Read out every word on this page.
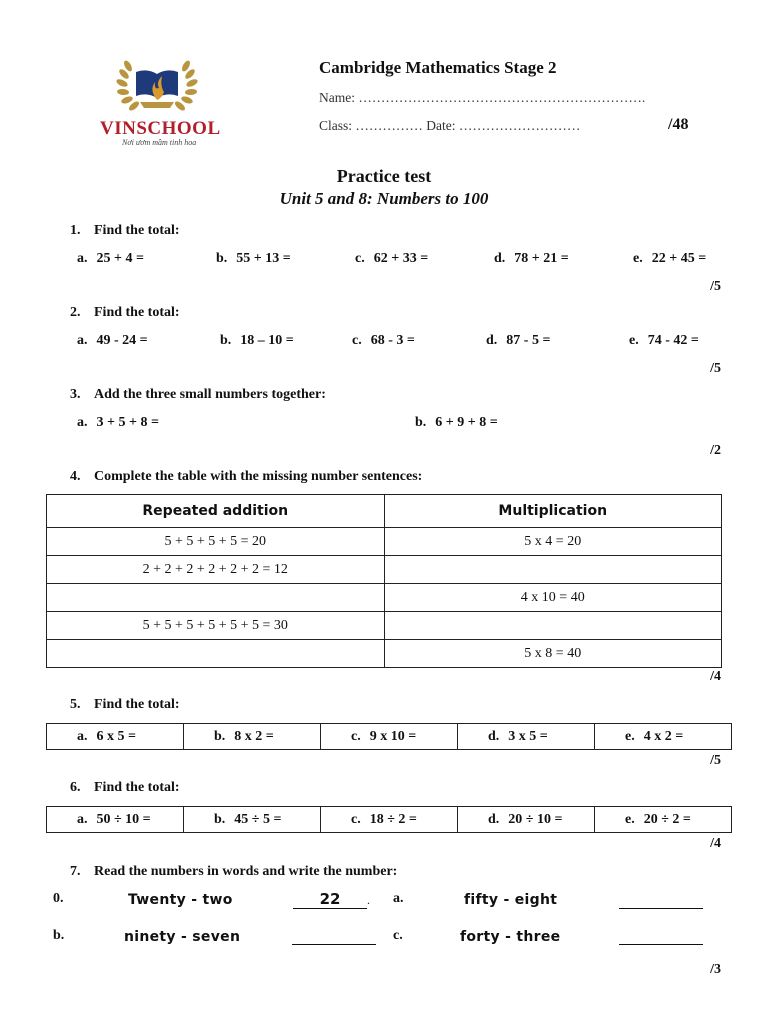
VINSCHOOL
Nơi ươm mầm tinh hoa
Cambridge Mathematics Stage 2
Name: ……………………………………………………….
Class: …………… Date: ………………………	/48
Practice test
Unit 5 and 8: Numbers to 100
1. Find the total:
a. 25 + 4 =	b. 55 + 13 =	c. 62 + 33 =	d. 78 + 21 =	e. 22 + 45 =
/5
2. Find the total:
a. 49 - 24 =	b. 18 – 10 =	c. 68 - 3 =	d. 87 - 5 =	e. 74 - 42 =
/5
3. Add the three small numbers together:
a. 3 + 5 + 8 =	b. 6 + 9 + 8 =
/2
4. Complete the table with the missing number sentences:
Repeated addition	Multiplication
5 + 5 + 5 + 5 = 20	5 x 4 = 20
2 + 2 + 2 + 2 + 2 + 2 = 12	
	4 x 10 = 40
5 + 5 + 5 + 5 + 5 + 5 = 30	
	5 x 8 = 40
/4
5. Find the total:
a. 6 x 5 =	b. 8 x 2 =	c. 9 x 10 =	d. 3 x 5 =	e. 4 x 2 =
/5
6. Find the total:
a. 50 ÷ 10 =	b. 45 ÷ 5 =	c. 18 ÷ 2 =	d. 20 ÷ 10 =	e. 20 ÷ 2 =
/4
7. Read the numbers in words and write the number:
0.	Twenty - two	22 . a.	fifty - eight
b.	ninety - seven	c.	forty - three
/3
